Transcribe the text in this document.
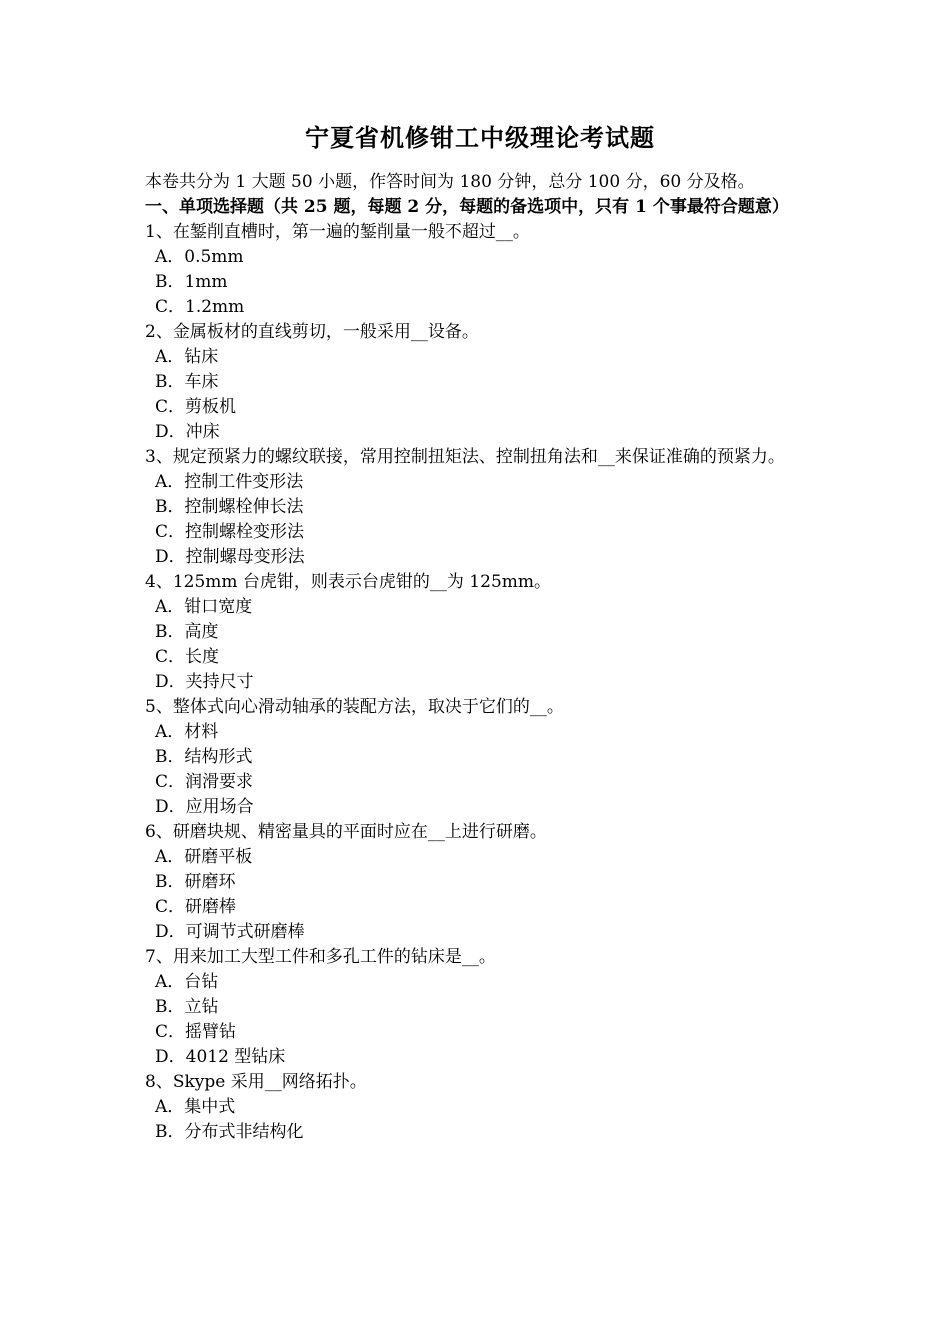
宁夏省机修钳工中级理论考试题

本卷共分为 1 大题 50 小题，作答时间为 180 分钟，总分 100 分，60 分及格。

一、单项选择题（共 25 题，每题 2 分，每题的备选项中，只有 1 个事最符合题意）

1、在錾削直槽时，第一遍的錾削量一般不超过__。

A．0.5mm

B．1mm

C．1.2mm

2、金属板材的直线剪切，一般采用__设备。

A．钻床

B．车床

C．剪板机

D．冲床

3、规定预紧力的螺纹联接，常用控制扭矩法、控制扭角法和__来保证准确的预紧力。

A．控制工件变形法

B．控制螺栓伸长法

C．控制螺栓变形法

D．控制螺母变形法

4、125mm 台虎钳，则表示台虎钳的__为 125mm。

A．钳口宽度

B．高度

C．长度

D．夹持尺寸

5、整体式向心滑动轴承的装配方法，取决于它们的__。

A．材料

B．结构形式

C．润滑要求

D．应用场合

6、研磨块规、精密量具的平面时应在__上进行研磨。

A．研磨平板

B．研磨环

C．研磨棒

D．可调节式研磨棒

7、用来加工大型工件和多孔工件的钻床是__。

A．台钻

B．立钻

C．摇臂钻

D．4012 型钻床

8、Skype 采用__网络拓扑。

A．集中式

B．分布式非结构化
